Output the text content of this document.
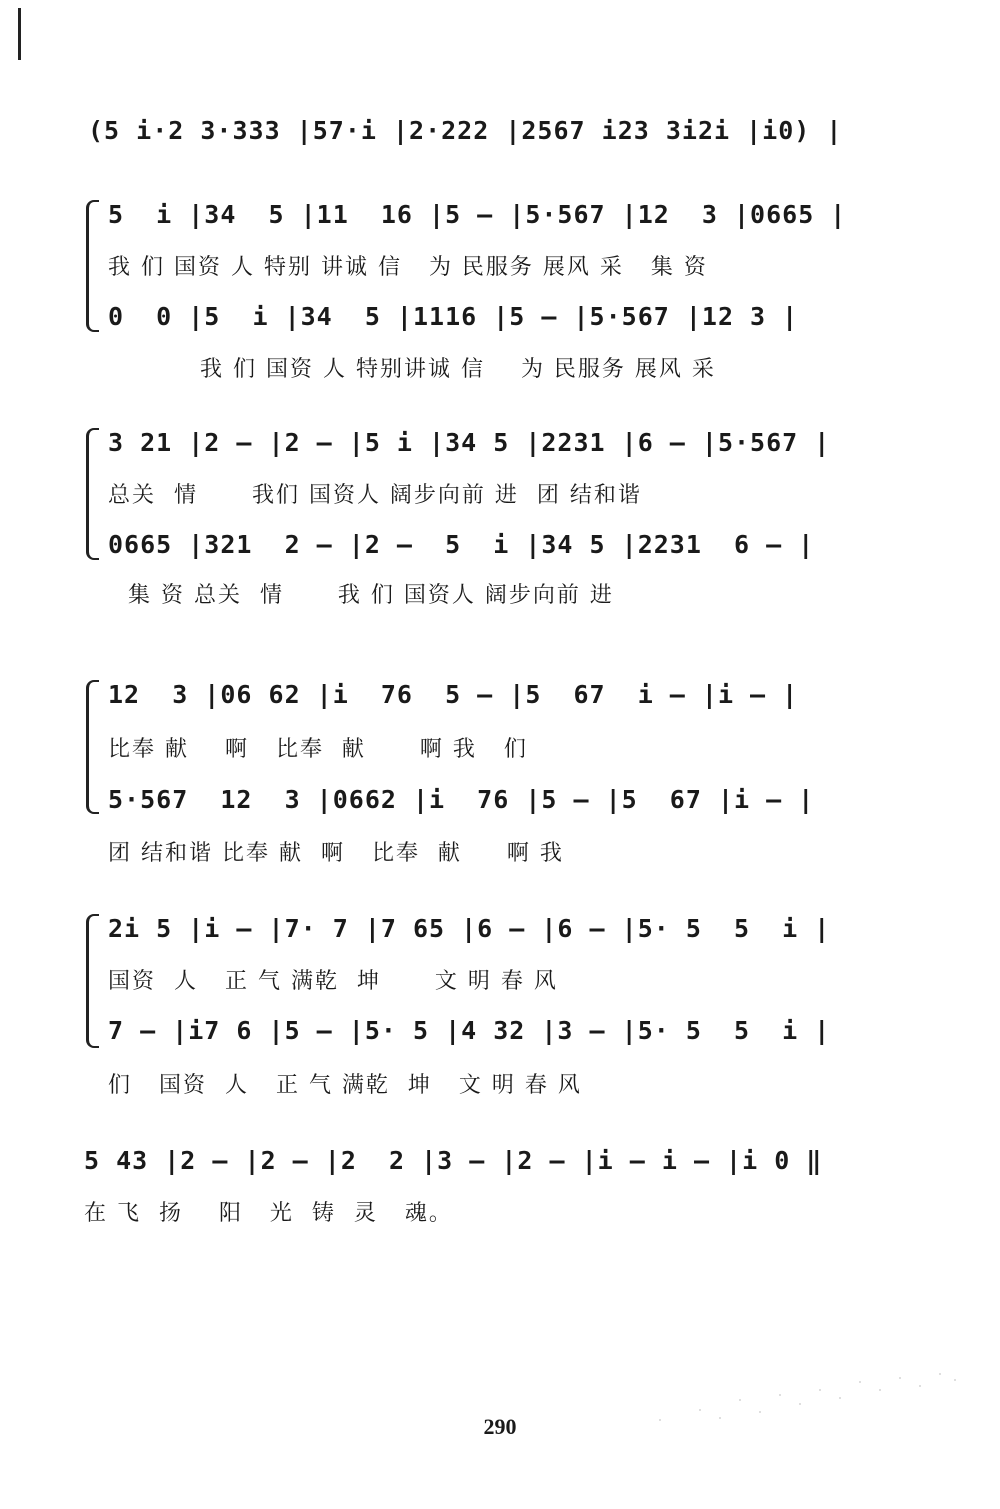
(5 i·2 3·333 |57·i |2·222 |2567 i23 3i2i |i0) |
5  i |34  5 |11  16 |5 – |5·567 |12  3 |0665 |
我 们 国资 人 特别 讲诚 信   为 民服务 展风 采   集 资
0  0 |5  i |34  5 |1116 |5 – |5·567 |12 3 |
我 们 国资 人 特别讲诚 信    为 民服务 展风 采
3 21 |2 – |2 – |5 i |34 5 |2231 |6 – |5·567 |
总关  情      我们 国资人 阔步向前 进  团 结和谐
0665 |321  2 – |2 –  5  i |34 5 |2231  6 – |
集 资 总关  情      我 们 国资人 阔步向前 进
12  3 |06 62 |i  76  5 – |5  67  i – |i – |
比奉 献    啊   比奉  献      啊 我   们
5·567  12  3 |0662 |i  76 |5 – |5  67 |i – |
团 结和谐 比奉 献  啊   比奉  献     啊 我
2i 5 |i – |7· 7 |7 65 |6 – |6 – |5· 5  5  i |
国资  人   正 气 满乾  坤      文 明 春 风
7 – |i7 6 |5 – |5· 5 |4 32 |3 – |5· 5  5  i |
们   国资  人   正 气 满乾  坤   文 明 春 风
5 43 |2 – |2 – |2  2 |3 – |2 – |i – i – |i 0 ‖
在 飞  扬    阳   光  铸  灵   魂。
290
